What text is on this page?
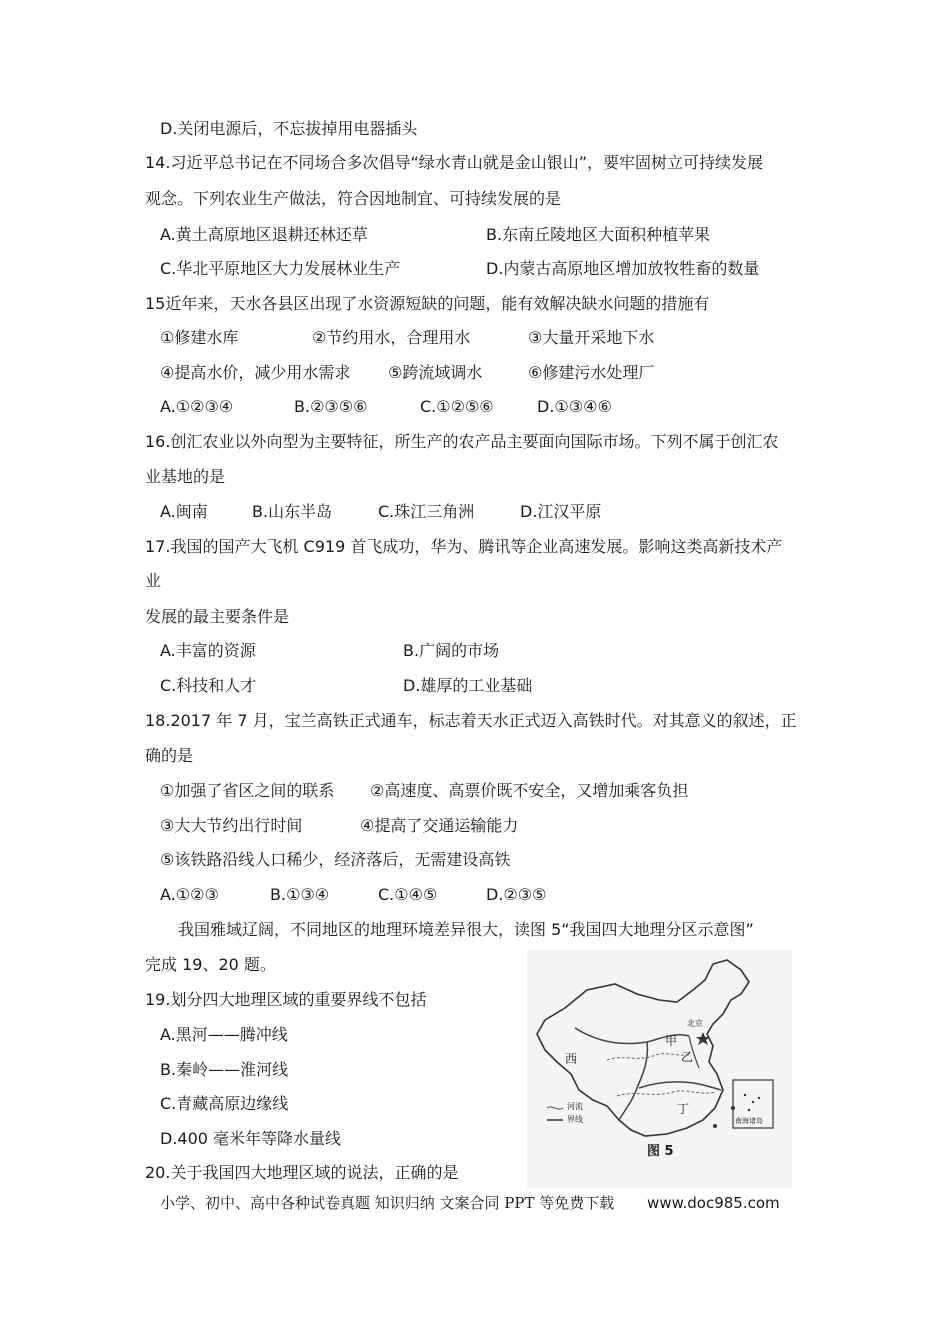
D.关闭电源后，不忘拔掉用电器插头
14.习近平总书记在不同场合多次倡导“绿水青山就是金山银山”，要牢固树立可持续发展
观念。下列农业生产做法，符合因地制宜、可持续发展的是
A.黄土高原地区退耕还林还草	B.东南丘陵地区大面积种植苹果
C.华北平原地区大力发展林业生产	D.内蒙古高原地区增加放牧牲畜的数量
15近年来，天水各县区出现了水资源短缺的问题，能有效解决缺水问题的措施有
①修建水库	②节约用水，合理用水	③大量开采地下水
④提高水价，减少用水需求 ⑤跨流域调水	⑥修建污水处理厂
A.①②③④	B.②③⑤⑥	C.①②⑤⑥	D.①③④⑥
16.创汇农业以外向型为主要特征，所生产的农产品主要面向国际市场。下列不属于创汇农
业基地的是
A.闽南	B.山东半岛	C.珠江三角洲	D.江汉平原
17.我国的国产大飞机 C919 首飞成功，华为、腾讯等企业高速发展。影响这类高新技术产
业
发展的最主要条件是
A.丰富的资源	B.广阔的市场
C.科技和人才	D.雄厚的工业基础
18.2017 年 7 月，宝兰高铁正式通车，标志着天水正式迈入高铁时代。对其意义的叙述，正
确的是
①加强了省区之间的联系 ②高速度、高票价既不安全，又增加乘客负担
③大大节约出行时间	④提高了交通运输能力
⑤该铁路沿线人口稀少，经济落后，无需建设高铁
A.①②③	B.①③④	C.①④⑤	D.②③⑤
我国雅域辽阔，不同地区的地理环境差异很大，读图 5“我国四大地理分区示意图”
完成 19、20 题。
19.划分四大地理区域的重要界线不包括
A.黑河——腾冲线
B.秦岭——淮河线
C.青藏高原边缘线
D.400 毫米年等降水量线
20.关于我国四大地理区域的说法，正确的是
西
甲
乙
丁
北京
河流
界线	南海诸岛
图 5
小学、初中、高中各种试卷真题 知识归纳 文案合同 PPT 等免费下载 www.doc985.com
